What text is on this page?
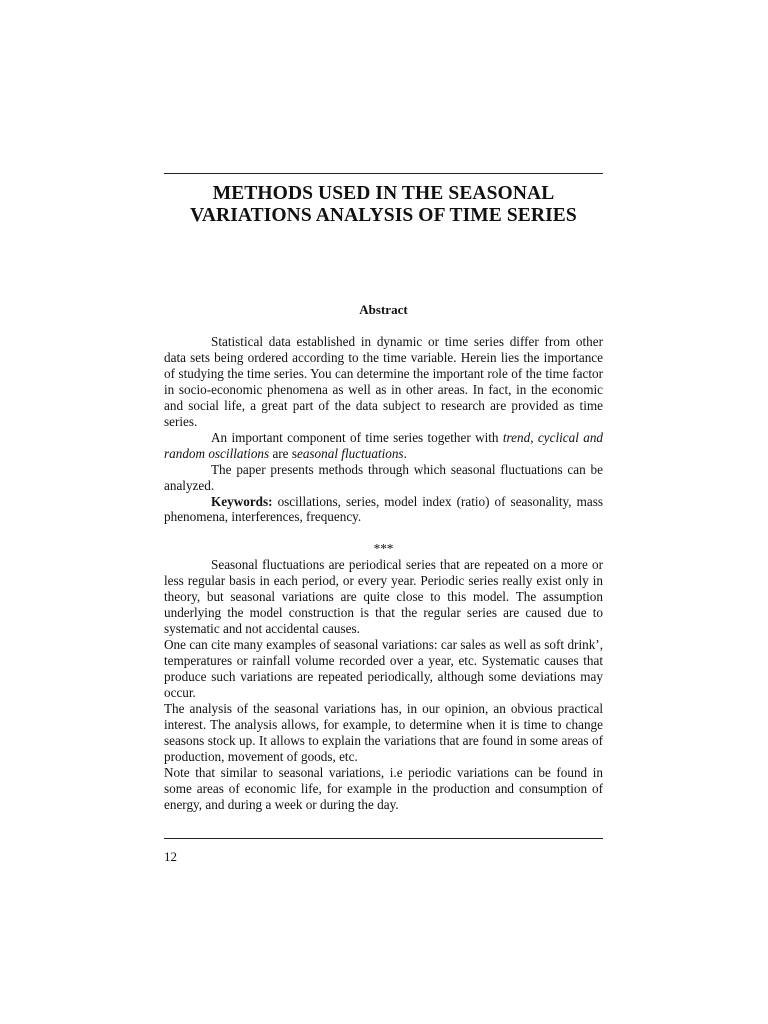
METHODS USED IN THE SEASONAL
VARIATIONS ANALYSIS OF TIME SERIES
Abstract

Statistical data established in dynamic or time series differ from other data sets being ordered according to the time variable. Herein lies the importance of studying the time series. You can determine the important role of the time factor in socio-economic phenomena as well as in other areas. In fact, in the economic and social life, a great part of the data subject to research are provided as time series.

An important component of time series together with trend, cyclical and random oscillations are seasonal fluctuations.

The paper presents methods through which seasonal fluctuations can be analyzed.

Keywords: oscillations, series, model index (ratio) of seasonality, mass phenomena, interferences, frequency.

***

Seasonal fluctuations are periodical series that are repeated on a more or less regular basis in each period, or every year. Periodic series really exist only in theory, but seasonal variations are quite close to this model. The assumption underlying the model construction is that the regular series are caused due to systematic and not accidental causes.

One can cite many examples of seasonal variations: car sales as well as soft drink’, temperatures or rainfall volume recorded over a year, etc. Systematic causes that produce such variations are repeated periodically, although some deviations may occur.

The analysis of the seasonal variations has, in our opinion, an obvious practical interest. The analysis allows, for example, to determine when it is time to change seasons stock up. It allows to explain the variations that are found in some areas of production, movement of goods, etc.

Note that similar to seasonal variations, i.e periodic variations can be found in some areas of economic life, for example in the production and consumption of energy, and during a week or during the day.

12
